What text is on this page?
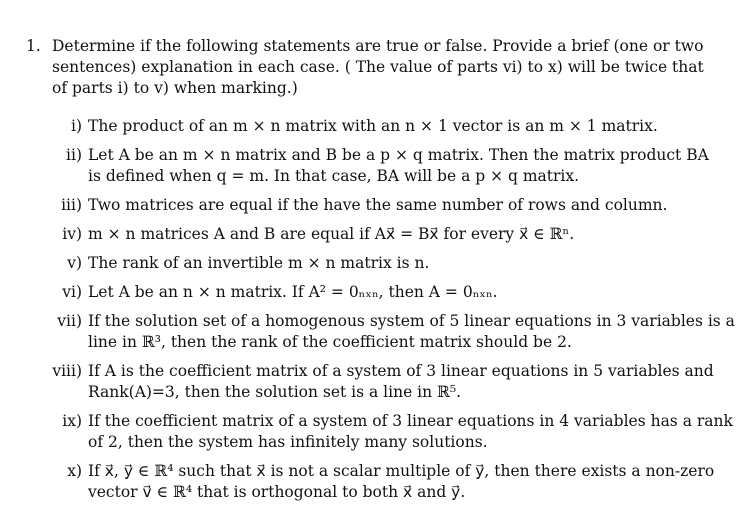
1. Determine if the following statements are true or false. Provide a brief (one or two
sentences) explanation in each case. ( The value of parts vi) to x) will be twice that
of parts i) to v) when marking.)
i) The product of an m × n matrix with an n × 1 vector is an m × 1 matrix.
ii) Let A be an m × n matrix and B be a p × q matrix. Then the matrix product BA
is defined when q = m. In that case, BA will be a p × q matrix.
iii) Two matrices are equal if the have the same number of rows and column.
iv) m × n matrices A and B are equal if Ax⃗ = Bx⃗ for every x⃗ ∈ ℝⁿ.
v) The rank of an invertible m × n matrix is n.
vi) Let A be an n × n matrix. If A² = 0ₙₓₙ, then A = 0ₙₓₙ.
vii) If the solution set of a homogenous system of 5 linear equations in 3 variables is a
line in ℝ³, then the rank of the coefficient matrix should be 2.
viii) If A is the coefficient matrix of a system of 3 linear equations in 5 variables and
Rank(A)=3, then the solution set is a line in ℝ⁵.
ix) If the coefficient matrix of a system of 3 linear equations in 4 variables has a rank
of 2, then the system has infinitely many solutions.
x) If x⃗, y⃗ ∈ ℝ⁴ such that x⃗ is not a scalar multiple of y⃗, then there exists a non-zero
vector v⃗ ∈ ℝ⁴ that is orthogonal to both x⃗ and y⃗.
